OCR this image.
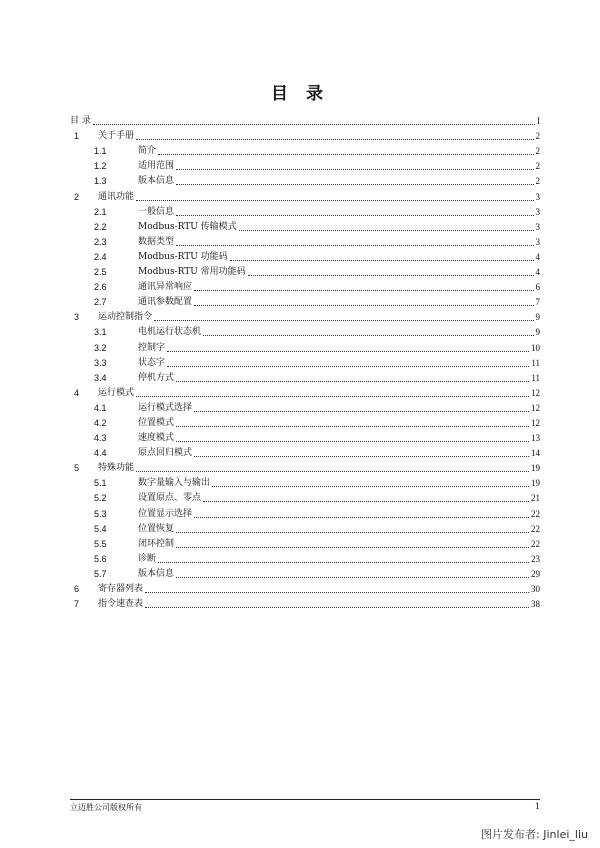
目 录
目 录	I
1	关于手册	2
1.1	简介	2
1.2	适用范围	2
1.3	版本信息	2
2	通讯功能	3
2.1	一般信息	3
2.2	Modbus-RTU 传输模式	3
2.3	数据类型	3
2.4	Modbus-RTU 功能码	4
2.5	Modbus-RTU 常用功能码	4
2.6	通讯异常响应	6
2.7	通讯参数配置	7
3	运动控制指令	9
3.1	电机运行状态机	9
3.2	控制字	10
3.3	状态字	11
3.4	停机方式	11
4	运行模式	12
4.1	运行模式选择	12
4.2	位置模式	12
4.3	速度模式	13
4.4	原点回归模式	14
5	特殊功能	19
5.1	数字量输入与输出	19
5.2	设置原点、零点	21
5.3	位置显示选择	22
5.4	位置恢复	22
5.5	闭环控制	22
5.6	诊断	23
5.7	版本信息	29
6	寄存器列表	30
7	指令速查表	38
立迈胜公司版权所有	1
图片发布者: Jinlei_liu
